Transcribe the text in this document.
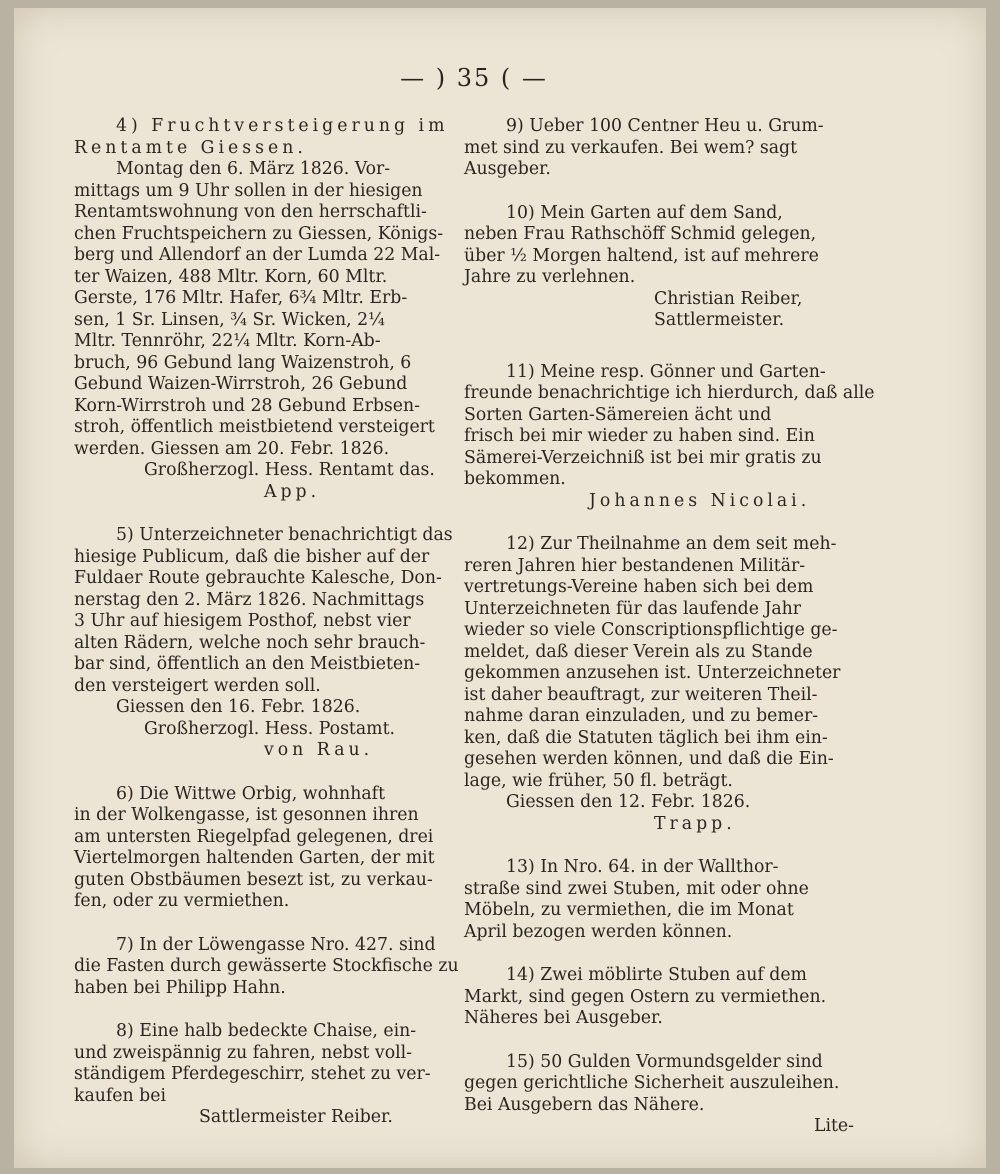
— ) 35 ( —
4) Fruchtversteigerung im
Rentamte Giessen.
Montag den 6. März 1826. Vor-
mittags um 9 Uhr sollen in der hiesigen
Rentamtswohnung von den herrschaftli-
chen Fruchtspeichern zu Giessen, Königs-
berg und Allendorf an der Lumda 22 Mal-
ter Waizen, 488 Mltr. Korn, 60 Mltr.
Gerste, 176 Mltr. Hafer, 6¾ Mltr. Erb-
sen, 1 Sr. Linsen, ¾ Sr. Wicken, 2¼
Mltr. Tennröhr, 22¼ Mltr. Korn-Ab-
bruch, 96 Gebund lang Waizenstroh, 6
Gebund Waizen-Wirrstroh, 26 Gebund
Korn-Wirrstroh und 28 Gebund Erbsen-
stroh, öffentlich meistbietend versteigert
werden. Giessen am 20. Febr. 1826.
Großherzogl. Hess. Rentamt das.
App.
5) Unterzeichneter benachrichtigt das
hiesige Publicum, daß die bisher auf der
Fuldaer Route gebrauchte Kalesche, Don-
nerstag den 2. März 1826. Nachmittags
3 Uhr auf hiesigem Posthof, nebst vier
alten Rädern, welche noch sehr brauch-
bar sind, öffentlich an den Meistbieten-
den versteigert werden soll.
Giessen den 16. Febr. 1826.
Großherzogl. Hess. Postamt.
von Rau.
6) Die Wittwe Orbig, wohnhaft
in der Wolkengasse, ist gesonnen ihren
am untersten Riegelpfad gelegenen, drei
Viertelmorgen haltenden Garten, der mit
guten Obstbäumen besezt ist, zu verkau-
fen, oder zu vermiethen.
7) In der Löwengasse Nro. 427. sind
die Fasten durch gewässerte Stockfische zu
haben bei Philipp Hahn.
8) Eine halb bedeckte Chaise, ein-
und zweispännig zu fahren, nebst voll-
ständigem Pferdegeschirr, stehet zu ver-
kaufen bei
Sattlermeister Reiber.
9) Ueber 100 Centner Heu u. Grum-
met sind zu verkaufen. Bei wem? sagt
Ausgeber.
10) Mein Garten auf dem Sand,
neben Frau Rathschöff Schmid gelegen,
über ½ Morgen haltend, ist auf mehrere
Jahre zu verlehnen.
Christian Reiber,
Sattlermeister.
11) Meine resp. Gönner und Garten-
freunde benachrichtige ich hierdurch, daß alle
Sorten Garten-Sämereien ächt und
frisch bei mir wieder zu haben sind. Ein
Sämerei-Verzeichniß ist bei mir gratis zu
bekommen.
Johannes Nicolai.
12) Zur Theilnahme an dem seit meh-
reren Jahren hier bestandenen Militär-
vertretungs-Vereine haben sich bei dem
Unterzeichneten für das laufende Jahr
wieder so viele Conscriptionspflichtige ge-
meldet, daß dieser Verein als zu Stande
gekommen anzusehen ist. Unterzeichneter
ist daher beauftragt, zur weiteren Theil-
nahme daran einzuladen, und zu bemer-
ken, daß die Statuten täglich bei ihm ein-
gesehen werden können, und daß die Ein-
lage, wie früher, 50 fl. beträgt.
Giessen den 12. Febr. 1826.
Trapp.
13) In Nro. 64. in der Wallthor-
straße sind zwei Stuben, mit oder ohne
Möbeln, zu vermiethen, die im Monat
April bezogen werden können.
14) Zwei möblirte Stuben auf dem
Markt, sind gegen Ostern zu vermiethen.
Näheres bei Ausgeber.
15) 50 Gulden Vormundsgelder sind
gegen gerichtliche Sicherheit auszuleihen.
Bei Ausgebern das Nähere.
Lite-
